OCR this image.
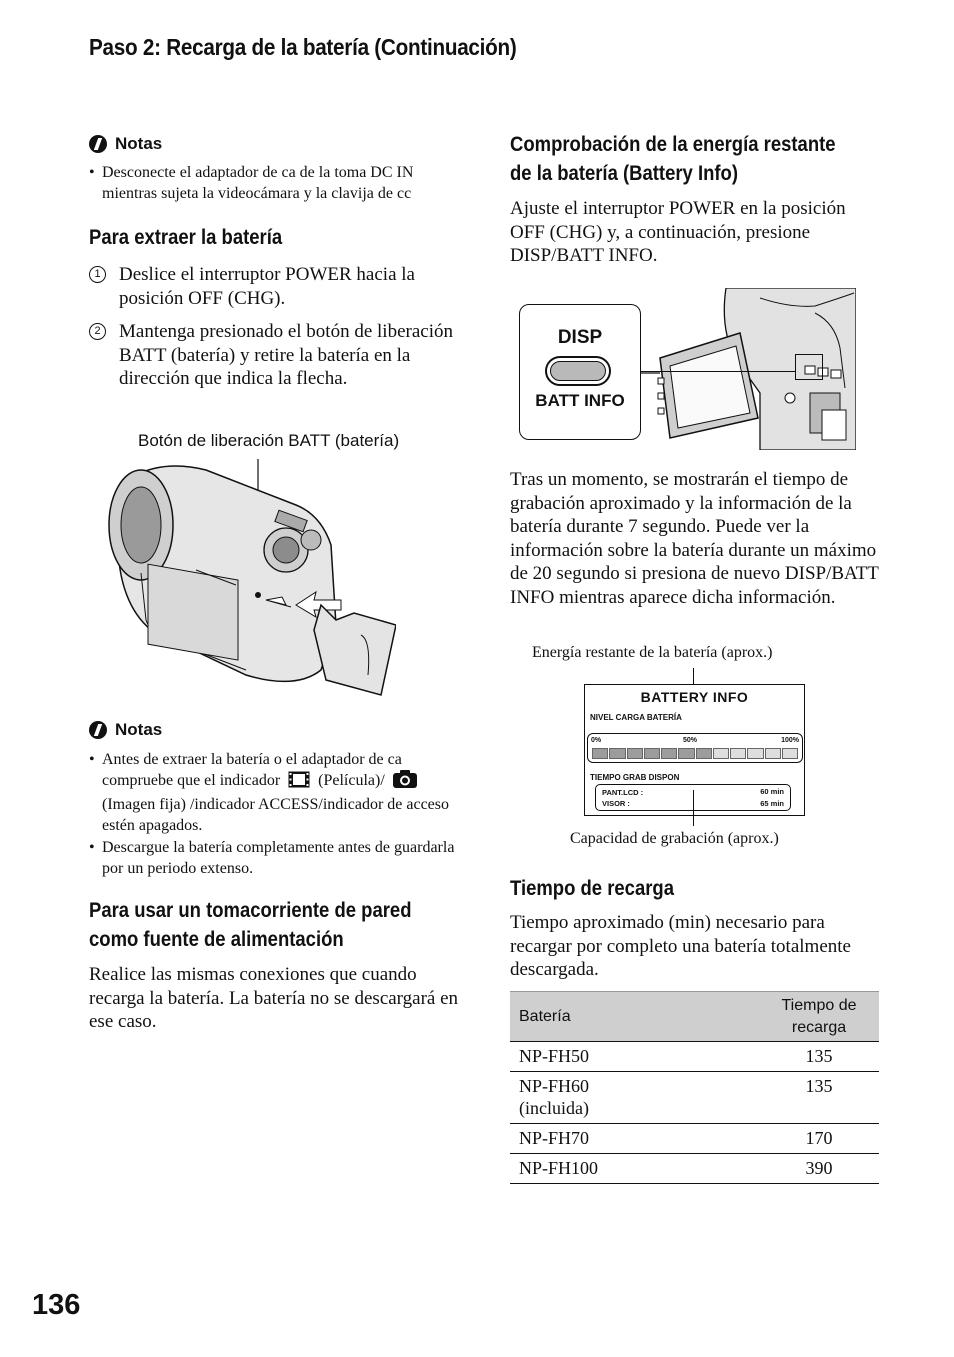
Paso 2: Recarga de la batería (Continuación)
Notas
• Desconecte el adaptador de ca de la toma DC IN mientras sujeta la videocámara y la clavija de cc
Para extraer la batería
1 Deslice el interruptor POWER hacia la posición OFF (CHG).
2 Mantenga presionado el botón de liberación BATT (batería) y retire la batería en la dirección que indica la flecha.
Botón de liberación BATT (batería)
Notas
• Antes de extraer la batería o el adaptador de ca compruebe que el indicador (Película)/  (Imagen fija) /indicador ACCESS/indicador de acceso estén apagados.
• Descargue la batería completamente antes de guardarla por un periodo extenso.
Para usar un tomacorriente de pared
como fuente de alimentación
Realice las mismas conexiones que cuando recarga la batería. La batería no se descargará en ese caso.
Comprobación de la energía restante
de la batería (Battery Info)
Ajuste el interruptor POWER en la posición OFF (CHG) y, a continuación, presione DISP/BATT INFO.
DISP
BATT INFO
Tras un momento, se mostrarán el tiempo de grabación aproximado y la información de la batería durante 7 segundo. Puede ver la información sobre la batería durante un máximo de 20 segundo si presiona de nuevo DISP/BATT INFO mientras aparece dicha información.
Energía restante de la batería (aprox.)
BATTERY INFO
NIVEL CARGA BATERÍA
0%	50%	100%
TIEMPO GRAB DISPON
PANT.LCD :	60 min
VISOR :	65 min
Capacidad de grabación (aprox.)
Tiempo de recarga
Tiempo aproximado (min) necesario para recargar por completo una batería totalmente descargada.
Batería	Tiempo de
recarga

NP-FH50	135

NP-FH60
(incluida)	135
NP-FH70	170
NP-FH100	390
136
